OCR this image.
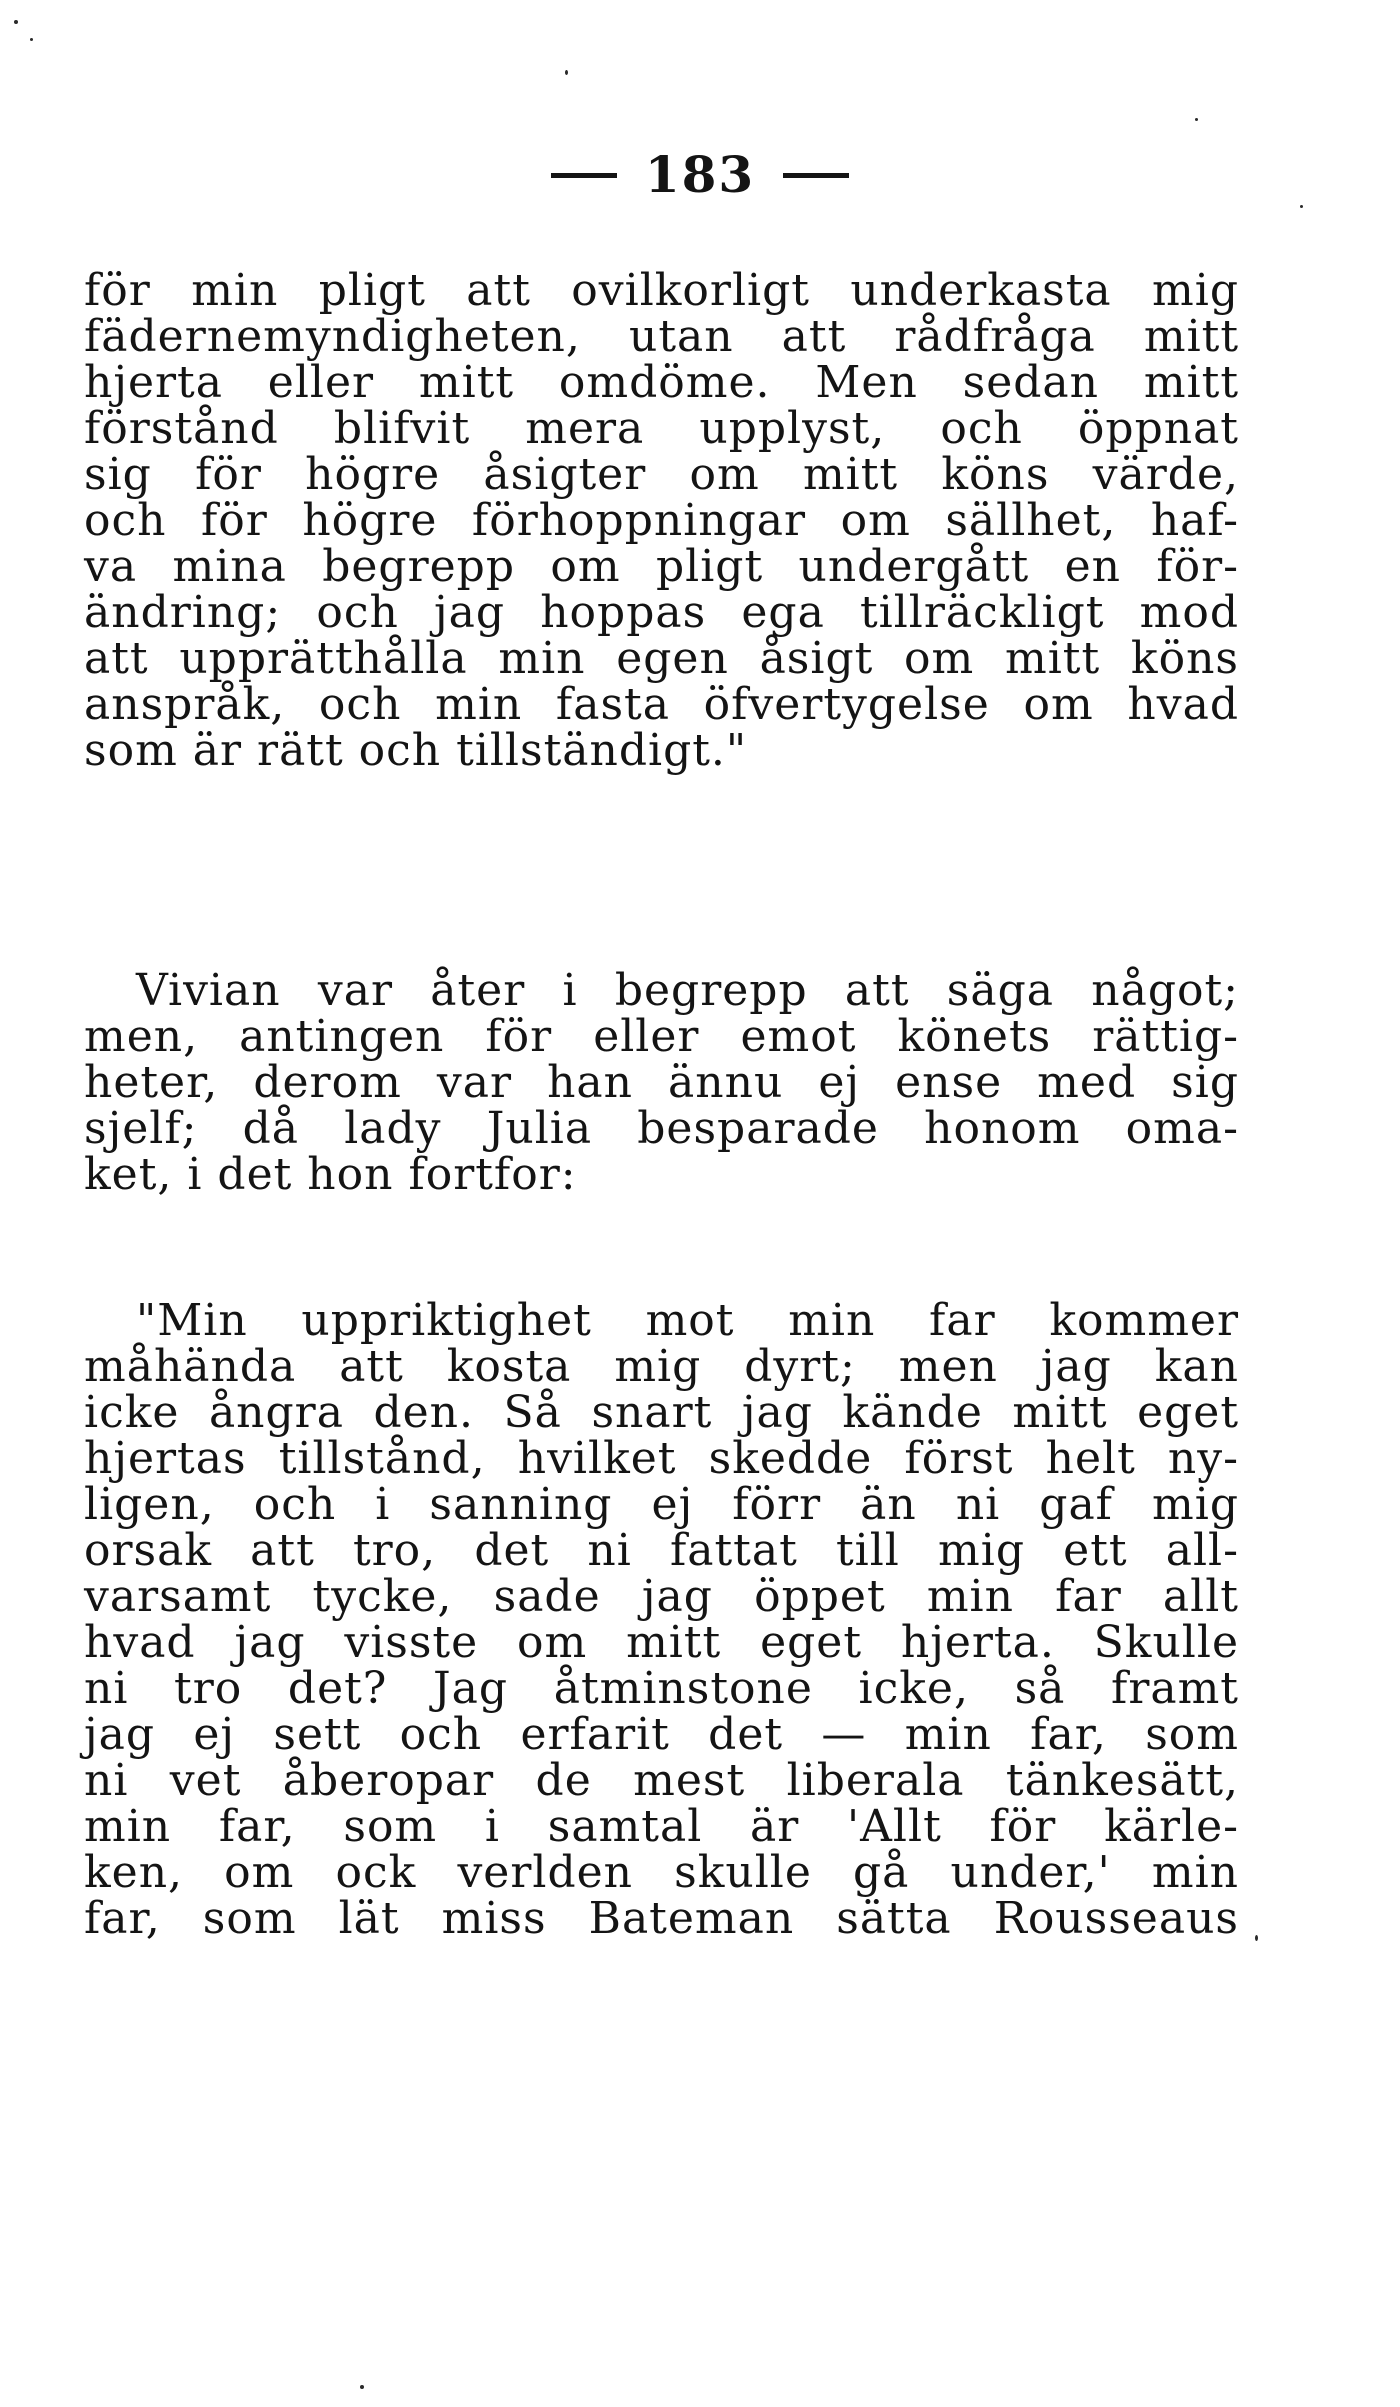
183
för min pligt att ovilkorligt underkasta mig
fädernemyndigheten, utan att rådfråga mitt
hjerta eller mitt omdöme. Men sedan mitt
förstånd blifvit mera upplyst, och öppnat
sig för högre åsigter om mitt köns värde,
och för högre förhoppningar om sällhet, haf-
va mina begrepp om pligt undergått en för-
ändring; och jag hoppas ega tillräckligt mod
att upprätthålla min egen åsigt om mitt köns
anspråk, och min fasta öfvertygelse om hvad
som är rätt och tillständigt."
Vivian var åter i begrepp att säga något;
men, antingen för eller emot könets rättig-
heter, derom var han ännu ej ense med sig
sjelf; då lady Julia besparade honom oma-
ket, i det hon fortfor:
"Min uppriktighet mot min far kommer
måhända att kosta mig dyrt; men jag kan
icke ångra den. Så snart jag kände mitt eget
hjertas tillstånd, hvilket skedde först helt ny-
ligen, och i sanning ej förr än ni gaf mig
orsak att tro, det ni fattat till mig ett all-
varsamt tycke, sade jag öppet min far allt
hvad jag visste om mitt eget hjerta. Skulle
ni tro det? Jag åtminstone icke, så framt
jag ej sett och erfarit det — min far, som
ni vet åberopar de mest liberala tänkesätt,
min far, som i samtal är 'Allt för kärle-
ken, om ock verlden skulle gå under,' min
far, som lät miss Bateman sätta Rousseaus
